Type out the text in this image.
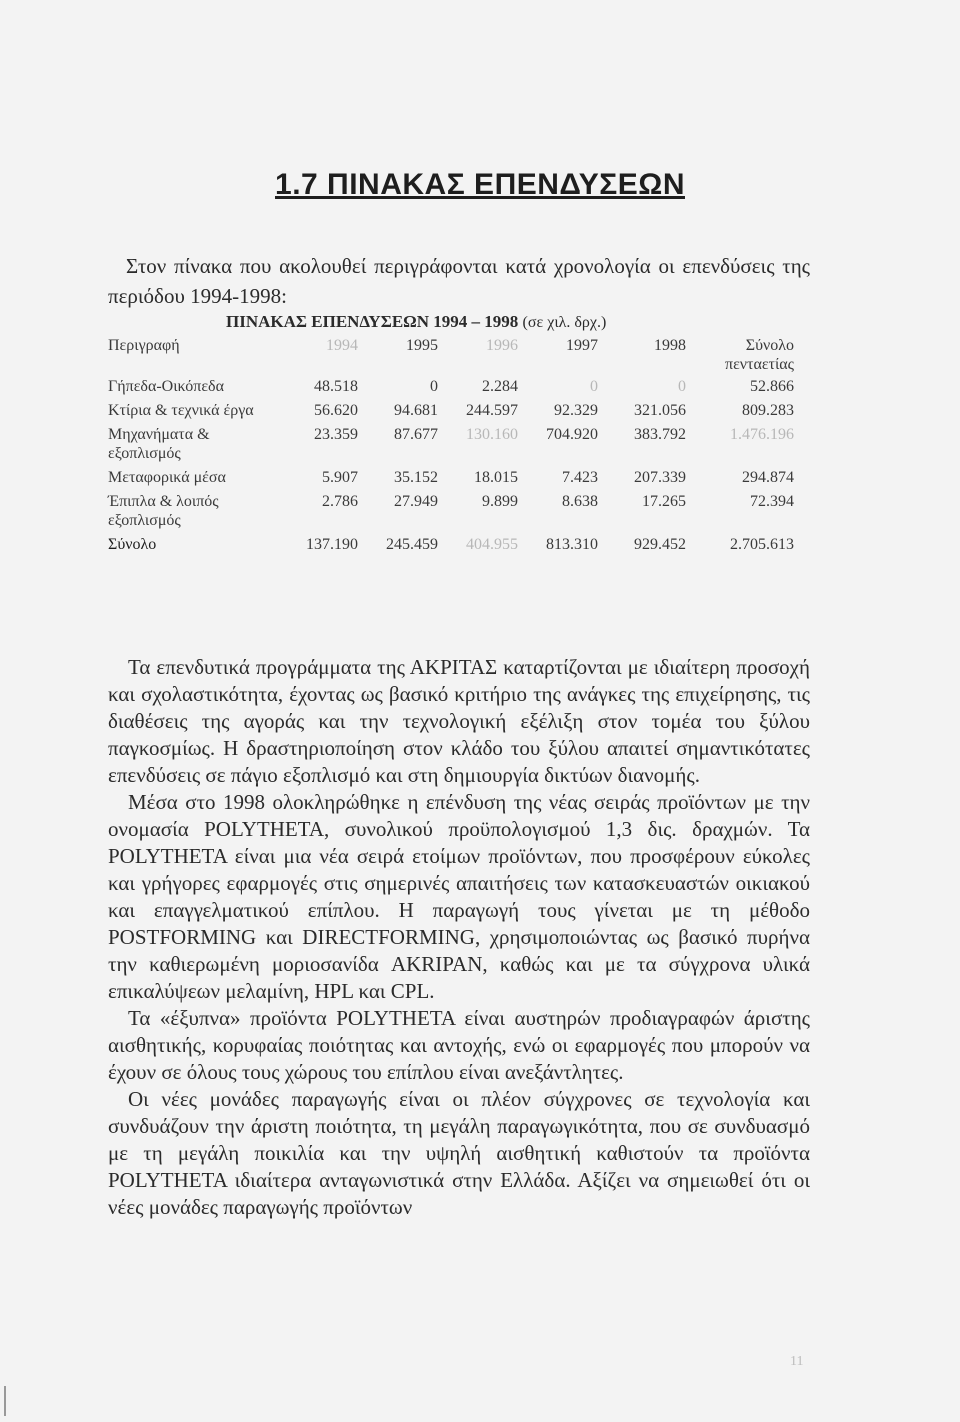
1.7 ΠΙΝΑΚΑΣ ΕΠΕΝΔΥΣΕΩΝ
Στον πίνακα που ακολουθεί περιγράφονται κατά χρονολογία οι επενδύσεις της περιόδου 1994-1998:
ΠΙΝΑΚΑΣ ΕΠΕΝΔΥΣΕΩΝ 1994 – 1998 (σε χιλ. δρχ.)
Περιγραφή	1994	1995	1996	1997	1998	Σύνολο πενταετίας

Γήπεδα-Οικόπεδα	48.518	0	2.284	0	0	52.866

Κτίρια & τεχνικά έργα	56.620	94.681	244.597	92.329	321.056	809.283

Μηχανήματα & εξοπλισμός	23.359	87.677	130.160	704.920	383.792	1.476.196

Μεταφορικά μέσα	5.907	35.152	18.015	7.423	207.339	294.874

Έπιπλα & λοιπός εξοπλισμός	2.786	27.949	9.899	8.638	17.265	72.394

Σύνολο	137.190	245.459	404.955	813.310	929.452	2.705.613

Τα επενδυτικά προγράμματα της ΑΚΡΙΤΑΣ καταρτίζονται με ιδιαίτερη προσοχή και σχολαστικότητα, έχοντας ως βασικό κριτήριο της ανάγκες της επιχείρησης, τις διαθέσεις της αγοράς και την τεχνολογική εξέλιξη στον τομέα του ξύλου παγκοσμίως. Η δραστηριοποίηση στον κλάδο του ξύλου απαιτεί σημαντικότατες επενδύσεις σε πάγιο εξοπλισμό και στη δημιουργία δικτύων διανομής.

Μέσα στο 1998 ολοκληρώθηκε η επένδυση της νέας σειράς προϊόντων με την ονομασία POLYTHETA, συνολικού προϋπολογισμού 1,3 δις. δραχμών. Τα POLYTHETA είναι μια νέα σειρά ετοίμων προϊόντων, που προσφέρουν εύκολες και γρήγορες εφαρμογές στις σημερινές απαιτήσεις των κατασκευαστών οικιακού και επαγγελματικού επίπλου. Η παραγωγή τους γίνεται με τη μέθοδο POSTFORMING και DIRECTFORMING, χρησιμοποιώντας ως βασικό πυρήνα την καθιερωμένη μοριοσανίδα AKRIPAN, καθώς και με τα σύγχρονα υλικά επικαλύψεων μελαμίνη, HPL και CPL.

Τα «έξυπνα» προϊόντα POLYTHETA είναι αυστηρών προδιαγραφών άριστης αισθητικής, κορυφαίας ποιότητας και αντοχής, ενώ οι εφαρμογές που μπορούν να έχουν σε όλους τους χώρους του επίπλου είναι ανεξάντλητες.

Οι νέες μονάδες παραγωγής είναι οι πλέον σύγχρονες σε τεχνολογία και συνδυάζουν την άριστη ποιότητα, τη μεγάλη παραγωγικότητα, που σε συνδυασμό με τη μεγάλη ποικιλία και την υψηλή αισθητική καθιστούν τα προϊόντα POLYTHETA ιδιαίτερα ανταγωνιστικά στην Ελλάδα. Αξίζει να σημειωθεί ότι οι νέες μονάδες παραγωγής προϊόντων

11
